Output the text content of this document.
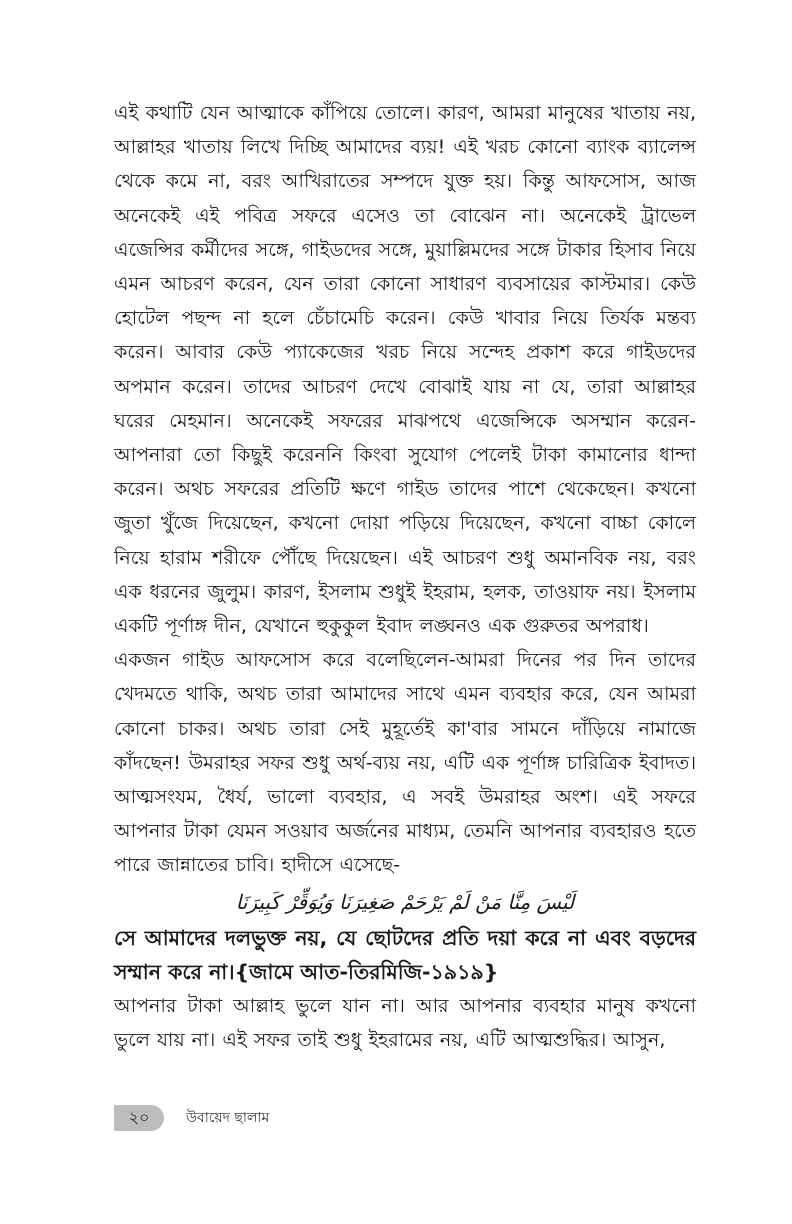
এই কথাটি যেন আত্মাকে কাঁপিয়ে তোলে। কারণ, আমরা মানুষের খাতায় নয়, আল্লাহর খাতায় লিখে দিচ্ছি আমাদের ব্যয়! এই খরচ কোনো ব্যাংক ব্যালেন্স থেকে কমে না, বরং আখিরাতের সম্পদে যুক্ত হয়। কিন্তু আফসোস, আজ অনেকেই এই পবিত্র সফরে এসেও তা বোঝেন না। অনেকেই ট্রাভেল এজেন্সির কর্মীদের সঙ্গে, গাইডদের সঙ্গে, মুয়াল্লিমদের সঙ্গে টাকার হিসাব নিয়ে এমন আচরণ করেন, যেন তারা কোনো সাধারণ ব্যবসায়ের কাস্টমার। কেউ হোটেল পছন্দ না হলে চেঁচামেচি করেন। কেউ খাবার নিয়ে তির্যক মন্তব্য করেন। আবার কেউ প্যাকেজের খরচ নিয়ে সন্দেহ প্রকাশ করে গাইডদের অপমান করেন। তাদের আচরণ দেখে বোঝাই যায় না যে, তারা আল্লাহর ঘরের মেহমান। অনেকেই সফরের মাঝপথে এজেন্সিকে অসম্মান করেন- আপনারা তো কিছুই করেননি কিংবা সুযোগ পেলেই টাকা কামানোর ধান্দা করেন। অথচ সফরের প্রতিটি ক্ষণে গাইড তাদের পাশে থেকেছেন। কখনো জুতা খুঁজে দিয়েছেন, কখনো দোয়া পড়িয়ে দিয়েছেন, কখনো বাচ্চা কোলে নিয়ে হারাম শরীফে পৌঁছে দিয়েছেন। এই আচরণ শুধু অমানবিক নয়, বরং এক ধরনের জুলুম। কারণ, ইসলাম শুধুই ইহরাম, হলক, তাওয়াফ নয়। ইসলাম একটি পূর্ণাঙ্গ দীন, যেখানে হুকুকুল ইবাদ লঙ্ঘনও এক গুরুতর অপরাধ।

একজন গাইড আফসোস করে বলেছিলেন-আমরা দিনের পর দিন তাদের খেদমতে থাকি, অথচ তারা আমাদের সাথে এমন ব্যবহার করে, যেন আমরা কোনো চাকর। অথচ তারা সেই মুহূর্তেই কা'বার সামনে দাঁড়িয়ে নামাজে কাঁদছেন! উমরাহর সফর শুধু অর্থ-ব্যয় নয়, এটি এক পূর্ণাঙ্গ চারিত্রিক ইবাদত। আত্মসংযম, ধৈর্য, ভালো ব্যবহার, এ সবই উমরাহর অংশ। এই সফরে আপনার টাকা যেমন সওয়াব অর্জনের মাধ্যম, তেমনি আপনার ব্যবহারও হতে পারে জান্নাতের চাবি। হাদীসে এসেছে-

لَيْسَ مِنَّا مَنْ لَمْ يَرْحَمْ صَغِيرَنَا وَيُوَقِّرْ كَبِيرَنَا

সে আমাদের দলভুক্ত নয়, যে ছোটদের প্রতি দয়া করে না এবং বড়দের সম্মান করে না।{জামে আত-তিরমিজি-১৯১৯}

আপনার টাকা আল্লাহ ভুলে যান না। আর আপনার ব্যবহার মানুষ কখনো ভুলে যায় না। এই সফর তাই শুধু ইহরামের নয়, এটি আত্মশুদ্ধির। আসুন,

২০	উবায়েদ ছালাম
